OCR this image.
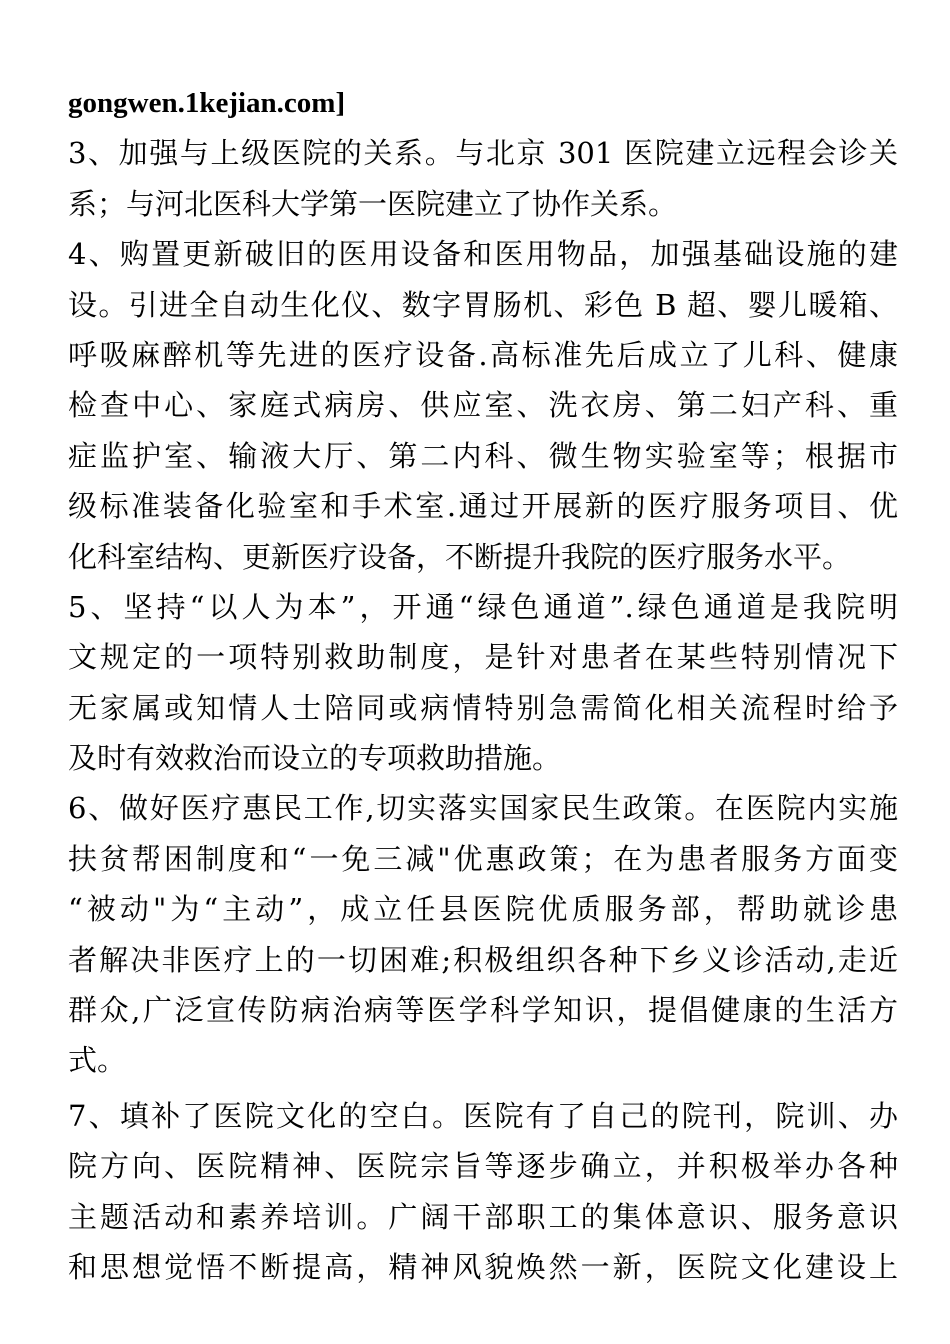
gongwen.1kejian.com]
3、加强与上级医院的关系。与北京 301 医院建立远程会诊关
系；与河北医科大学第一医院建立了协作关系。
4、购置更新破旧的医用设备和医用物品，加强基础设施的建
设。引进全自动生化仪、数字胃肠机、彩色 B 超、婴儿暖箱、
呼吸麻醉机等先进的医疗设备.高标准先后成立了儿科、健康
检查中心、家庭式病房、供应室、洗衣房、第二妇产科、重
症监护室、输液大厅、第二内科、微生物实验室等；根据市
级标准装备化验室和手术室.通过开展新的医疗服务项目、优
化科室结构、更新医疗设备，不断提升我院的医疗服务水平。
5、坚持“以人为本”，开通“绿色通道”.绿色通道是我院明
文规定的一项特别救助制度，是针对患者在某些特别情况下
无家属或知情人士陪同或病情特别急需简化相关流程时给予
及时有效救治而设立的专项救助措施。
6、做好医疗惠民工作,切实落实国家民生政策。在医院内实施
扶贫帮困制度和“一免三减"优惠政策；在为患者服务方面变
“被动"为“主动”，成立任县医院优质服务部，帮助就诊患
者解决非医疗上的一切困难;积极组织各种下乡义诊活动,走近
群众,广泛宣传防病治病等医学科学知识，提倡健康的生活方
式。
7、填补了医院文化的空白。医院有了自己的院刊，院训、办
院方向、医院精神、医院宗旨等逐步确立，并积极举办各种
主题活动和素养培训。广阔干部职工的集体意识、服务意识
和思想觉悟不断提高，精神风貌焕然一新，医院文化建设上
